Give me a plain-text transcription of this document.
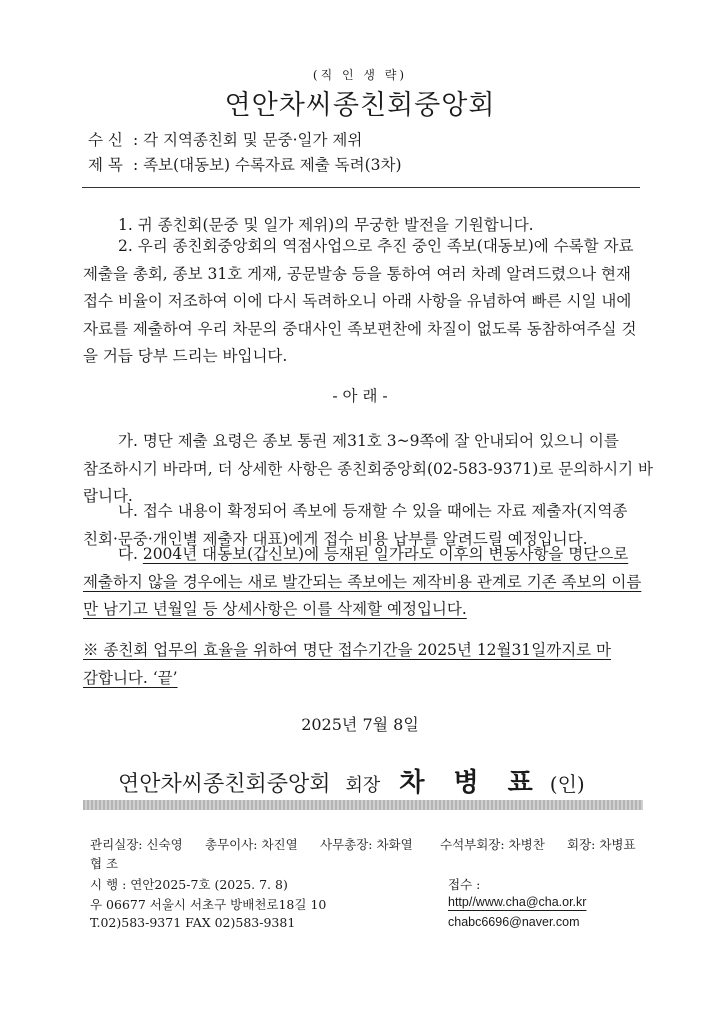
(직 인 생 략)
연안차씨종친회중앙회
수 신 : 각 지역종친회 및 문중·일가 제위
제 목 : 족보(대동보) 수록자료 제출 독려(3차)
1. 귀 종친회(문중 및 일가 제위)의 무궁한 발전을 기원합니다.
2. 우리 종친회중앙회의 역점사업으로 추진 중인 족보(대동보)에 수록할 자료
제출을 총회, 종보 31호 게재, 공문발송 등을 통하여 여러 차례 알려드렸으나 현재
접수 비율이 저조하여 이에 다시 독려하오니 아래 사항을 유념하여 빠른 시일 내에
자료를 제출하여 우리 차문의 중대사인 족보편찬에 차질이 없도록 동참하여주실 것
을 거듭 당부 드리는 바입니다.
- 아 래 -
가. 명단 제출 요령은 종보 통권 제31호 3~9쪽에 잘 안내되어 있으니 이를
참조하시기 바라며, 더 상세한 사항은 종친회중앙회(02-583-9371)로 문의하시기 바
랍니다.
나. 접수 내용이 확정되어 족보에 등재할 수 있을 때에는 자료 제출자(지역종
친회·문중·개인별 제출자 대표)에게 접수 비용 납부를 알려드릴 예정입니다.
다. 2004년 대동보(갑신보)에 등재된 일가라도 이후의 변동사항을 명단으로
제출하지 않을 경우에는 새로 발간되는 족보에는 제작비용 관계로 기존 족보의 이름
만 남기고 년월일 등 상세사항은 이를 삭제할 예정입니다.
※ 종친회 업무의 효율을 위하여 명단 접수기간을 2025년 12월31일까지로 마
감합니다. ‘끝’
2025년 7월 8일
연안차씨종친회중앙회 회장 차 병 표 (인)
관리실장: 신숙영 총무이사: 차진열 사무총장: 차화열 수석부회장: 차병찬 회장: 차병표
협 조
시 행 : 연안2025-7호 (2025. 7. 8)	접수 :
우 06677 서울시 서초구 방배천로18길 10	http//www.cha@cha.or.kr
T.02)583-9371 FAX 02)583-9381	chabc6696@naver.com
